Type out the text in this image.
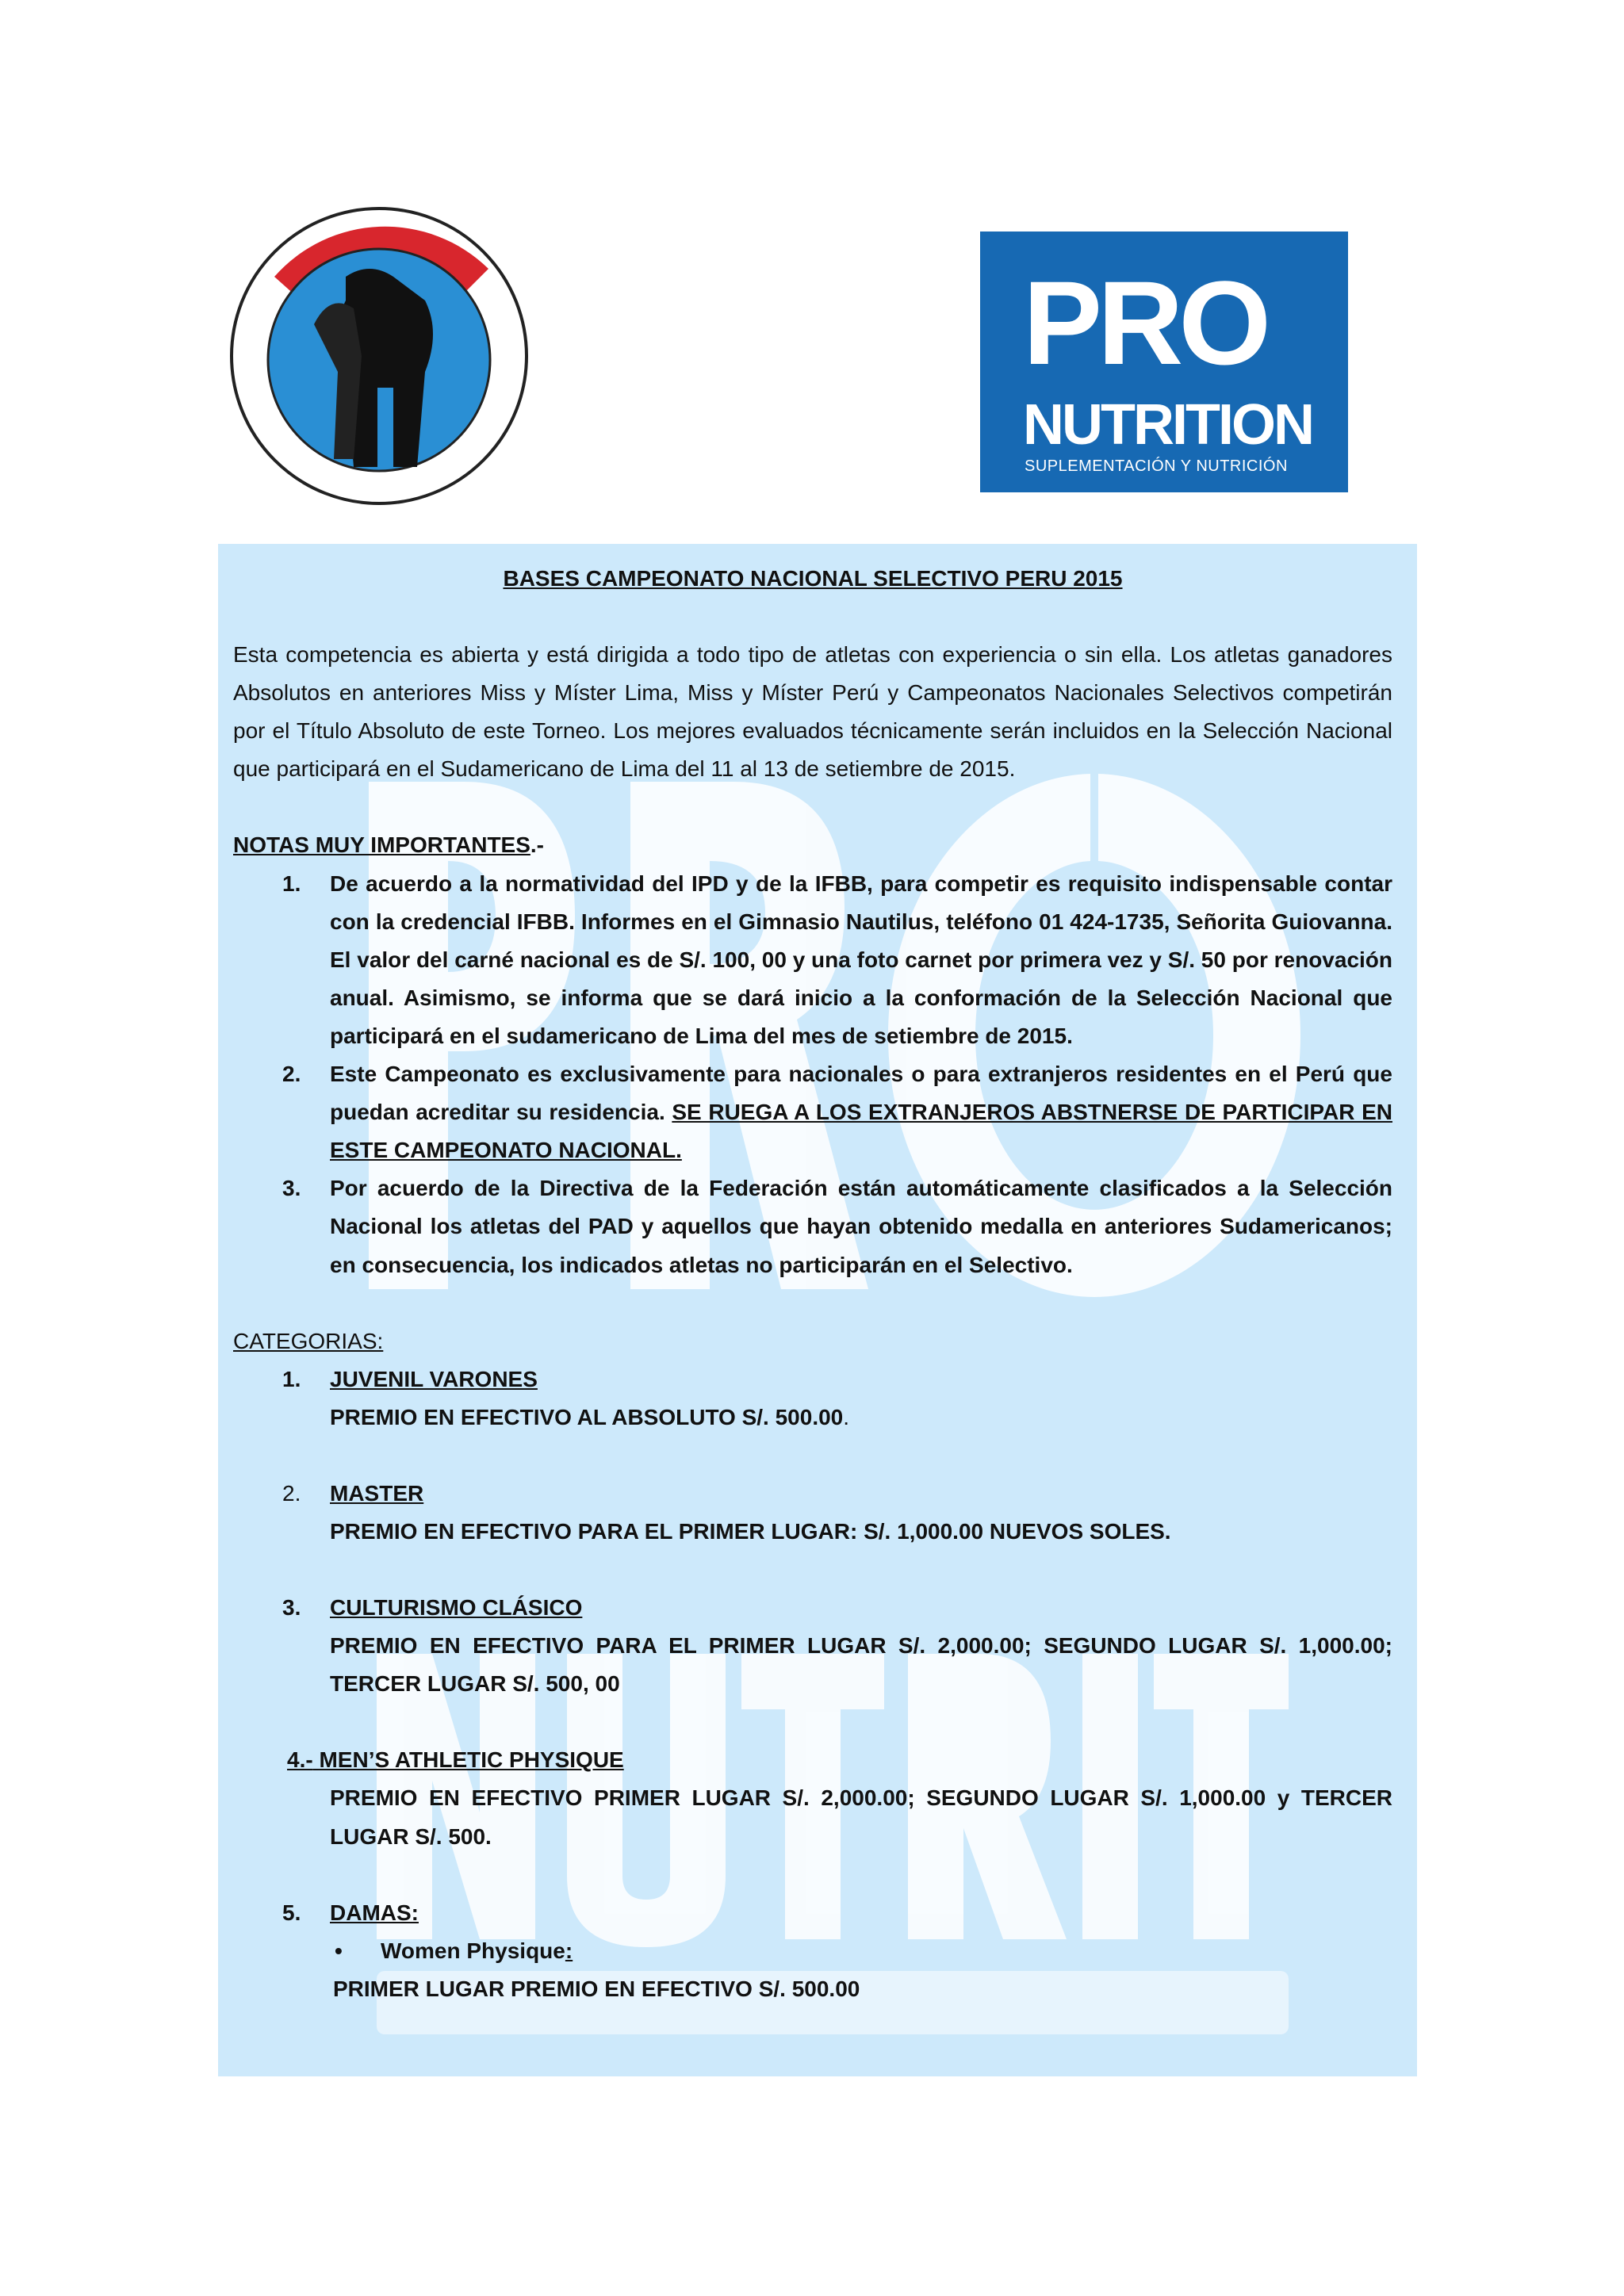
PRO
NUTRITION
SUPLEMENTACIÓN Y NUTRICIÓN
BASES CAMPEONATO NACIONAL SELECTIVO PERU 2015

Esta competencia es abierta y está dirigida a todo tipo de atletas con experiencia o sin ella. Los atletas ganadores Absolutos en anteriores Miss y Míster Lima, Miss y Míster Perú y Campeonatos Nacionales Selectivos competirán por el Título Absoluto de este Torneo. Los mejores evaluados técnicamente serán incluidos en la Selección Nacional que participará en el Sudamericano de Lima del 11 al 13 de setiembre de 2015.

NOTAS MUY IMPORTANTES.-
1. De acuerdo a la normatividad del IPD y de la IFBB, para competir es requisito indispensable contar con la credencial IFBB. Informes en el Gimnasio Nautilus, teléfono 01 424-1735, Señorita Guiovanna. El valor del carné nacional es de S/. 100, 00 y una foto carnet por primera vez y S/. 50 por renovación anual. Asimismo, se informa que se dará inicio a la conformación de la Selección Nacional que participará en el sudamericano de Lima del mes de setiembre de 2015.
2. Este Campeonato es exclusivamente para nacionales o para extranjeros residentes en el Perú que puedan acreditar su residencia. SE RUEGA A LOS EXTRANJEROS ABSTNERSE DE PARTICIPAR EN ESTE CAMPEONATO NACIONAL.
3. Por acuerdo de la Directiva de la Federación están automáticamente clasificados a la Selección Nacional los atletas del PAD y aquellos que hayan obtenido medalla en anteriores Sudamericanos; en consecuencia, los indicados atletas no participarán en el Selectivo.
CATEGORIAS:
1. JUVENIL VARONES
PREMIO EN EFECTIVO AL ABSOLUTO S/. 500.00.
2. MASTER
PREMIO EN EFECTIVO PARA EL PRIMER LUGAR: S/. 1,000.00 NUEVOS SOLES.
3. CULTURISMO CLÁSICO
PREMIO EN EFECTIVO PARA EL PRIMER LUGAR S/. 2,000.00; SEGUNDO LUGAR S/. 1,000.00; TERCER LUGAR S/. 500, 00
4.- MEN’S ATHLETIC PHYSIQUE
PREMIO EN EFECTIVO PRIMER LUGAR S/. 2,000.00; SEGUNDO LUGAR S/. 1,000.00 y TERCER LUGAR S/. 500.
5. DAMAS:
• Women Physique:
PRIMER LUGAR PREMIO EN EFECTIVO S/. 500.00
